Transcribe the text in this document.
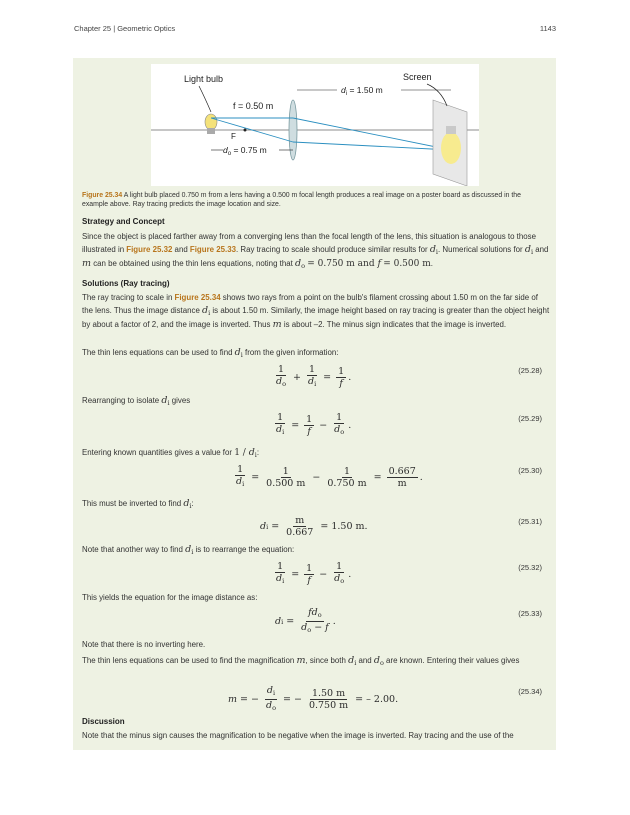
Chapter 25 | Geometric Optics	1143
Light bulb
F
f = 0.50 m
$d_o = 0.75$ m
$d_i = 1.50$ m
Screen
Figure 25.34 A light bulb placed 0.750 m from a lens having a 0.500 m focal length produces a real image on a poster board as discussed in the example above. Ray tracing predicts the image location and size.
Strategy and Concept
Since the object is placed farther away from a converging lens than the focal length of the lens, this situation is analogous to those illustrated in Figure 25.32 and Figure 25.33. Ray tracing to scale should produce similar results for $d_i$. Numerical solutions for $d_i$ and m can be obtained using the thin lens equations, noting that $d_o = 0.750$ m and f = 0.500 m.
Solutions (Ray tracing)
The ray tracing to scale in Figure 25.34 shows two rays from a point on the bulb's filament crossing about 1.50 m on the far side of the lens. Thus the image distance $d_i$ is about 1.50 m. Similarly, the image height based on ray tracing is greater than the object height by about a factor of 2, and the image is inverted. Thus m is about –2. The minus sign indicates that the image is inverted.
The thin lens equations can be used to find $d_i$ from the given information:
$\frac{1}{d_o} + \frac{1}{d_i} = \frac{1}{f}$ .
(25.28)
Rearranging to isolate $d_i$ gives
$\frac{1}{d_i} = \frac{1}{f} - \frac{1}{d_o}$ .
(25.29)
Entering known quantities gives a value for $1 / d_i$:
$\frac{1}{d_i} = \frac{1}{0.500 m} - \frac{1}{0.750 m} = \frac{0.667}{m}$ .
(25.30)
This must be inverted to find $d_i$:
d $i = \frac{m}{0.667} = 1.50$ m.	(25.31)
Note that another way to find $d_i$ is to rearrange the equation:
$\frac{1}{d_i} = \frac{1}{f} - \frac{1}{d_o}$ .
(25.32)
This yields the equation for the image distance as:
d $i = \frac{fd_o}{d_o - f}$ .
(25.33)
Note that there is no inverting here.
The thin lens equations can be used to find the magnification m, since both $d_i$ and $d_o$ are known. Entering their values gives
m = − $\frac{d_i}{d_o}$ = − $\frac{1.50 m}{0.750 m}$ = – 2.00.
(25.34)
Discussion
Note that the minus sign causes the magnification to be negative when the image is inverted. Ray tracing and the use of the
